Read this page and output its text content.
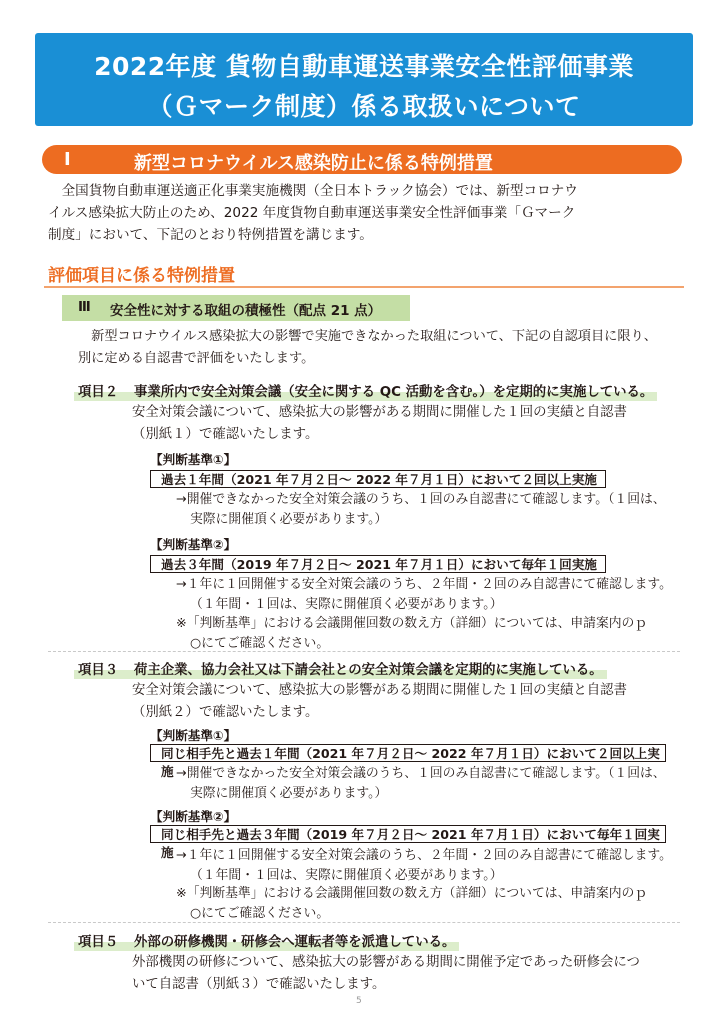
2022年度 貨物自動車運送事業安全性評価事業
（Ｇマーク制度）係る取扱いについて
Ⅰ	新型コロナウイルス感染防止に係る特例措置
　全国貨物自動車運送適正化事業実施機関（全日本トラック協会）では、新型コロナウ
イルス感染拡大防止のため、2022 年度貨物自動車運送事業安全性評価事業「Ｇマーク
制度」において、下記のとおり特例措置を講じます。
評価項目に係る特例措置
Ⅲ 安全性に対する取組の積極性（配点 21 点）
　新型コロナウイルス感染拡大の影響で実施できなかった取組について、下記の自認項目に限り、
別に定める自認書で評価をいたします。
項目２ 事業所内で安全対策会議（安全に関する QC 活動を含む。）を定期的に実施している。
安全対策会議について、感染拡大の影響がある期間に開催した１回の実績と自認書
（別紙１）で確認いたします。
【判断基準①】
過去１年間（2021 年７月２日～ 2022 年７月１日）において２回以上実施
→開催できなかった安全対策会議のうち、１回のみ自認書にて確認します。（１回は、
実際に開催頂く必要があります。）
【判断基準②】
過去３年間（2019 年７月２日～ 2021 年７月１日）において毎年１回実施
→１年に１回開催する安全対策会議のうち、２年間・２回のみ自認書にて確認します。
（１年間・１回は、実際に開催頂く必要があります。）
※「判断基準」における会議開催回数の数え方（詳細）については、申請案内のｐ
○にてご確認ください。
項目３ 荷主企業、協力会社又は下請会社との安全対策会議を定期的に実施している。
安全対策会議について、感染拡大の影響がある期間に開催した１回の実績と自認書
（別紙２）で確認いたします。
【判断基準①】
同じ相手先と過去１年間（2021 年７月２日～ 2022 年７月１日）において２回以上実施 →開催できなかった安全対策会議のうち、１回のみ自認書にて確認します。（１回は、
実際に開催頂く必要があります。）
【判断基準②】
同じ相手先と過去３年間（2019 年７月２日～ 2021 年７月１日）において毎年１回実施 →１年に１回開催する安全対策会議のうち、２年間・２回のみ自認書にて確認します。
（１年間・１回は、実際に開催頂く必要があります。）
※「判断基準」における会議開催回数の数え方（詳細）については、申請案内のｐ
○にてご確認ください。
項目５ 外部の研修機関・研修会へ運転者等を派遣している。
外部機関の研修について、感染拡大の影響がある期間に開催予定であった研修会につ
いて自認書（別紙３）で確認いたします。
5
